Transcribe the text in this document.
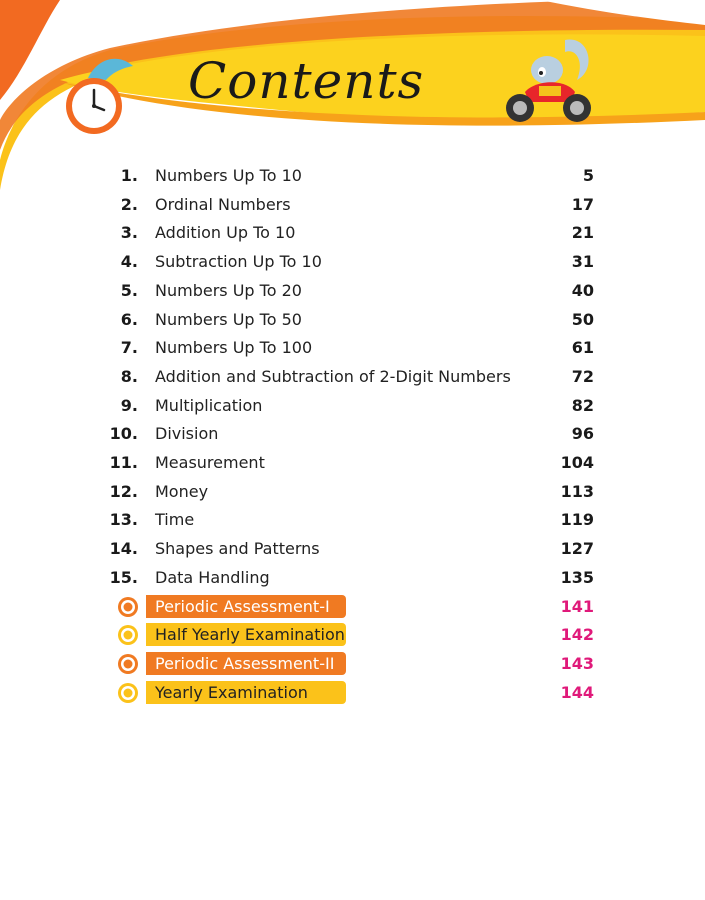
Contents
1. Numbers Up To 10	5
2. Ordinal Numbers	17
3. Addition Up To 10	21
4. Subtraction Up To 10	31
5. Numbers Up To 20	40
6. Numbers Up To 50	50
7. Numbers Up To 100	61
8. Addition and Subtraction of 2-Digit Numbers	72
9. Multiplication	82
10. Division	96
11. Measurement	104
12. Money	113
13. Time	119
14. Shapes and Patterns	127
15. Data Handling	135
Periodic Assessment-I	141
Half Yearly Examination	142
Periodic Assessment-II	143
Yearly Examination	144
